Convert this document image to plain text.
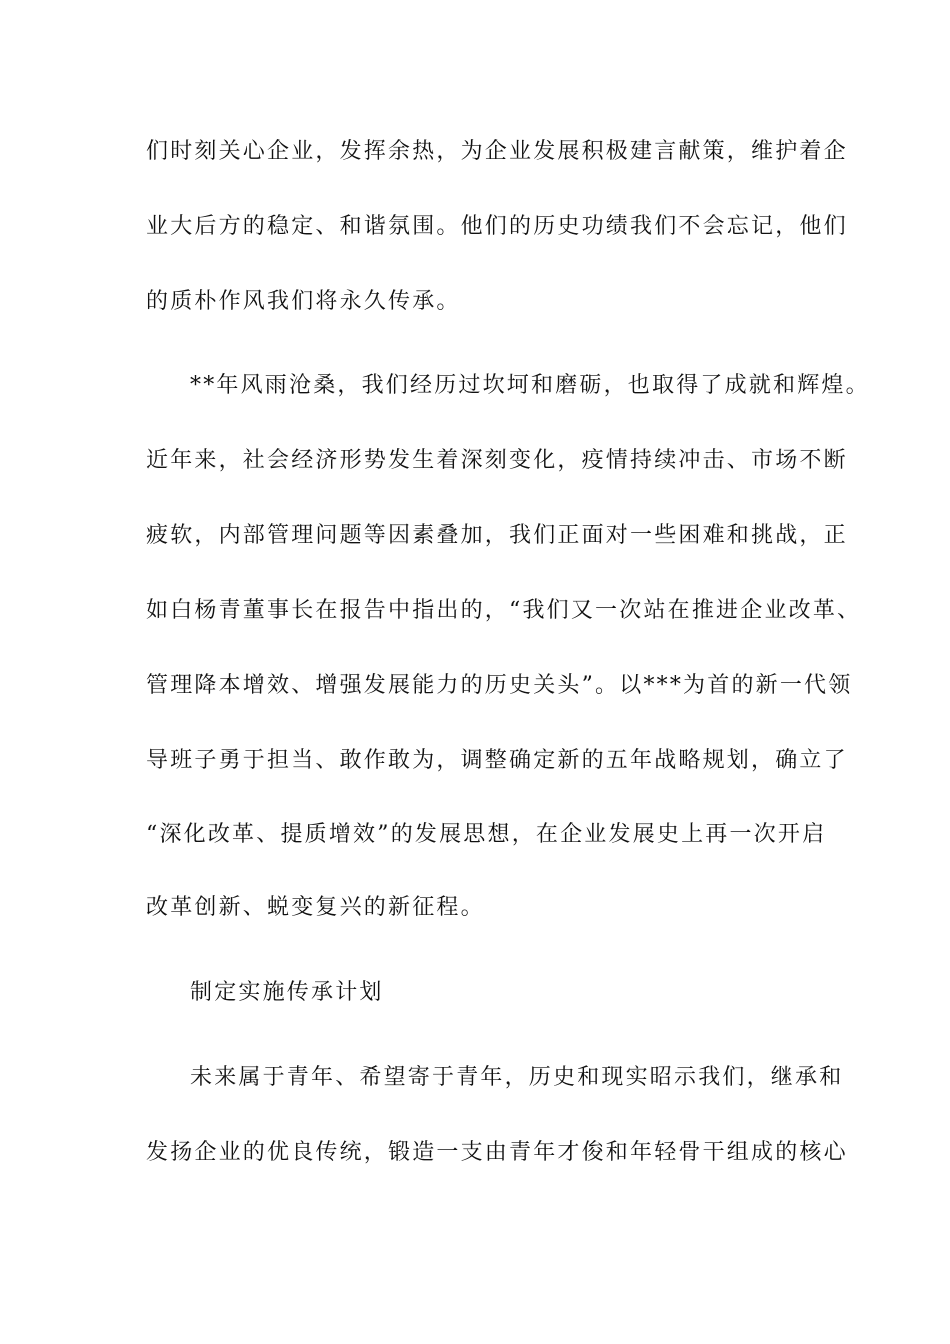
们时刻关心企业，发挥余热，为企业发展积极建言献策，维护着企
业大后方的稳定、和谐氛围。他们的历史功绩我们不会忘记，他们
的质朴作风我们将永久传承。
**年风雨沧桑，我们经历过坎坷和磨砺，也取得了成就和辉煌。
近年来，社会经济形势发生着深刻变化，疫情持续冲击、市场不断
疲软，内部管理问题等因素叠加，我们正面对一些困难和挑战，正
如白杨青董事长在报告中指出的，“我们又一次站在推进企业改革、
管理降本增效、增强发展能力的历史关头”。以***为首的新一代领
导班子勇于担当、敢作敢为，调整确定新的五年战略规划，确立了
“深化改革、提质增效”的发展思想，在企业发展史上再一次开启
改革创新、蜕变复兴的新征程。
制定实施传承计划
未来属于青年、希望寄于青年，历史和现实昭示我们，继承和
发扬企业的优良传统，锻造一支由青年才俊和年轻骨干组成的核心
